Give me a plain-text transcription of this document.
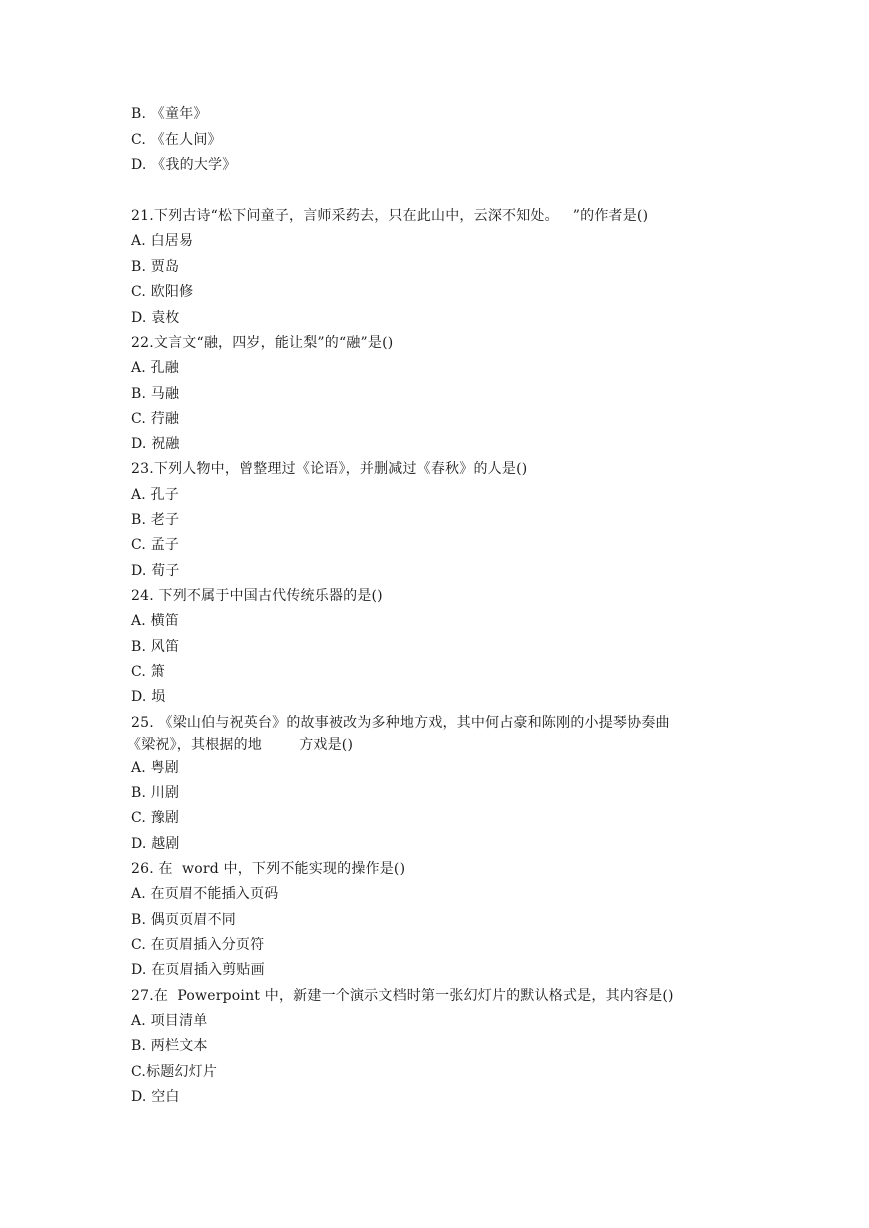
B. 《童年》
C. 《在人间》
D. 《我的大学》
21.下列古诗“松下问童子，言师采药去，只在此山中，云深不知处。   ”的作者是()
A. 白居易
B. 贾岛
C. 欧阳修
D. 袁枚
22.文言文“融，四岁，能让梨”的“融”是()
A. 孔融
B. 马融
C. 荇融
D. 祝融
23.下列人物中，曾整理过《论语》，并删减过《春秋》的人是()
A. 孔子
B. 老子
C. 孟子
D. 荀子
24. 下列不属于中国古代传统乐器的是()
A. 横笛
B. 风笛
C. 箫
D. 埙
25. 《梁山伯与祝英台》的故事被改为多种地方戏，其中何占豪和陈刚的小提琴协奏曲
《梁祝》，其根据的地        方戏是()
A. 粤剧
B. 川剧
C. 豫剧
D. 越剧
26. 在  word 中，下列不能实现的操作是()
A. 在页眉不能插入页码
B. 偶页页眉不同
C. 在页眉插入分页符
D. 在页眉插入剪贴画
27.在  Powerpoint 中，新建一个演示文档时第一张幻灯片的默认格式是，其内容是()
A. 项目清单
B. 两栏文本
C.标题幻灯片
D. 空白
